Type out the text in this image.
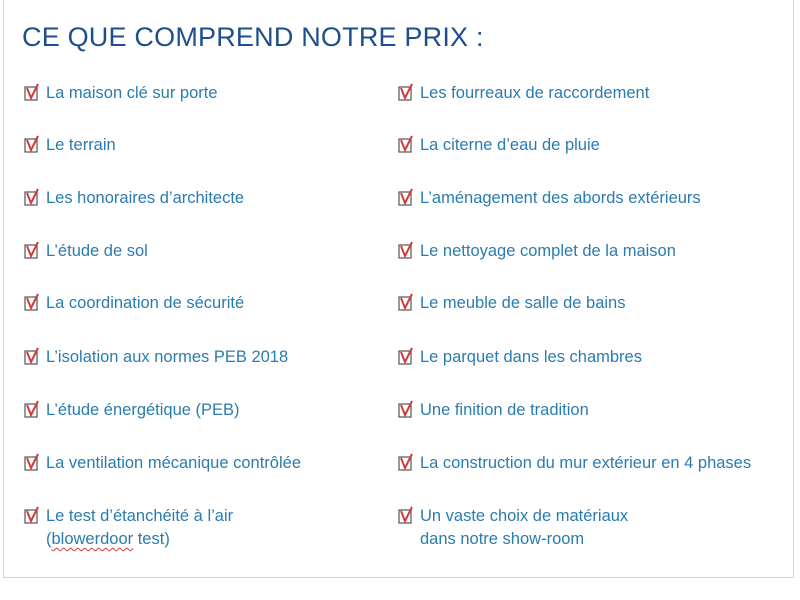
CE QUE COMPREND NOTRE PRIX :
La maison clé sur porte
Le terrain
Les honoraires d’architecte
L’étude de sol
La coordination de sécurité
L’isolation aux normes PEB 2018
L’étude énergétique (PEB)
La ventilation mécanique contrôlée
Le test d’étanchéité à l’air
(blowerdoor test)
Les fourreaux de raccordement
La citerne d’eau de pluie
L’aménagement des abords extérieurs
Le nettoyage complet de la maison
Le meuble de salle de bains
Le parquet dans les chambres
Une finition de tradition
La construction du mur extérieur en 4 phases
Un vaste choix de matériaux
dans notre show-room
